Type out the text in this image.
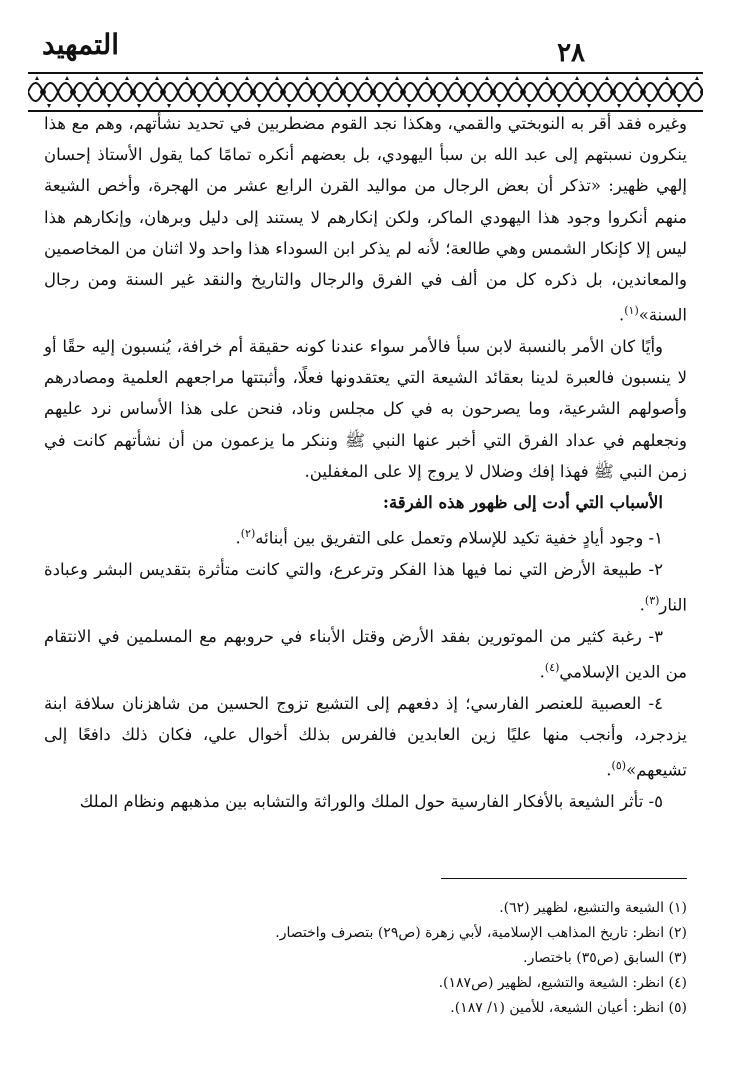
٢٨
التمهيد

وغيره فقد أقر به النوبختي والقمي، وهكذا نجد القوم مضطربين في تحديد نشأتهم، وهم مع هذا ينكرون نسبتهم إلى عبد الله بن سبأ اليهودي، بل بعضهم أنكره تمامًا كما يقول الأستاذ إحسان إلهي ظهير: «تذكر أن بعض الرجال من مواليد القرن الرابع عشر من الهجرة، وأخص الشيعة منهم أنكروا وجود هذا اليهودي الماكر، ولكن إنكارهم لا يستند إلى دليل وبرهان، وإنكارهم هذا ليس إلا كإنكار الشمس وهي طالعة؛ لأنه لم يذكر ابن السوداء هذا واحد ولا اثنان من المخاصمين والمعاندين، بل ذكره كل من ألف في الفرق والرجال والتاريخ والنقد غير السنة ومن رجال السنة»$^{(١)}$.

وأيًا كان الأمر بالنسبة لابن سبأ فالأمر سواء عندنا كونه حقيقة أم خرافة، يُنسبون إليه حقًا أو لا ينسبون فالعبرة لدينا بعقائد الشيعة التي يعتقدونها فعلًا، وأثبتتها مراجعهم العلمية ومصادرهم وأصولهم الشرعية، وما يصرحون به في كل مجلس وناد، فنحن على هذا الأساس نرد عليهم ونجعلهم في عداد الفرق التي أخبر عنها النبي ﷺ وننكر ما يزعمون من أن نشأتهم كانت في زمن النبي ﷺ فهذا إفك وضلال لا يروج إلا على المغفلين.

الأسباب التي أدت إلى ظهور هذه الفرقة:

١- وجود أيادٍ خفية تكيد للإسلام وتعمل على التفريق بين أبنائه$^{(٢)}$.

٢- طبيعة الأرض التي نما فيها هذا الفكر وترعرع، والتي كانت متأثرة بتقديس البشر وعبادة النار$^{(٣)}$.

٣- رغبة كثير من الموتورين بفقد الأرض وقتل الأبناء في حروبهم مع المسلمين في الانتقام من الدين الإسلامي$^{(٤)}$.

٤- العصبية للعنصر الفارسي؛ إذ دفعهم إلى التشيع تزوج الحسين من شاهزنان سلافة ابنة يزدجرد، وأنجب منها عليًا زين العابدين فالفرس بذلك أخوال علي، فكان ذلك دافعًا إلى تشيعهم»$^{(٥)}$.

٥- تأثر الشيعة بالأفكار الفارسية حول الملك والوراثة والتشابه بين مذهبهم ونظام الملك

(١) الشيعة والتشيع، لظهير (٦٢).

(٢) انظر: تاريخ المذاهب الإسلامية، لأبي زهرة (ص٢٩) بتصرف واختصار.

(٣) السابق (ص٣٥) باختصار.

(٤) انظر: الشيعة والتشيع، لظهير (ص١٨٧).

(٥) انظر: أعيان الشيعة، للأمين (١/ ١٨٧).
